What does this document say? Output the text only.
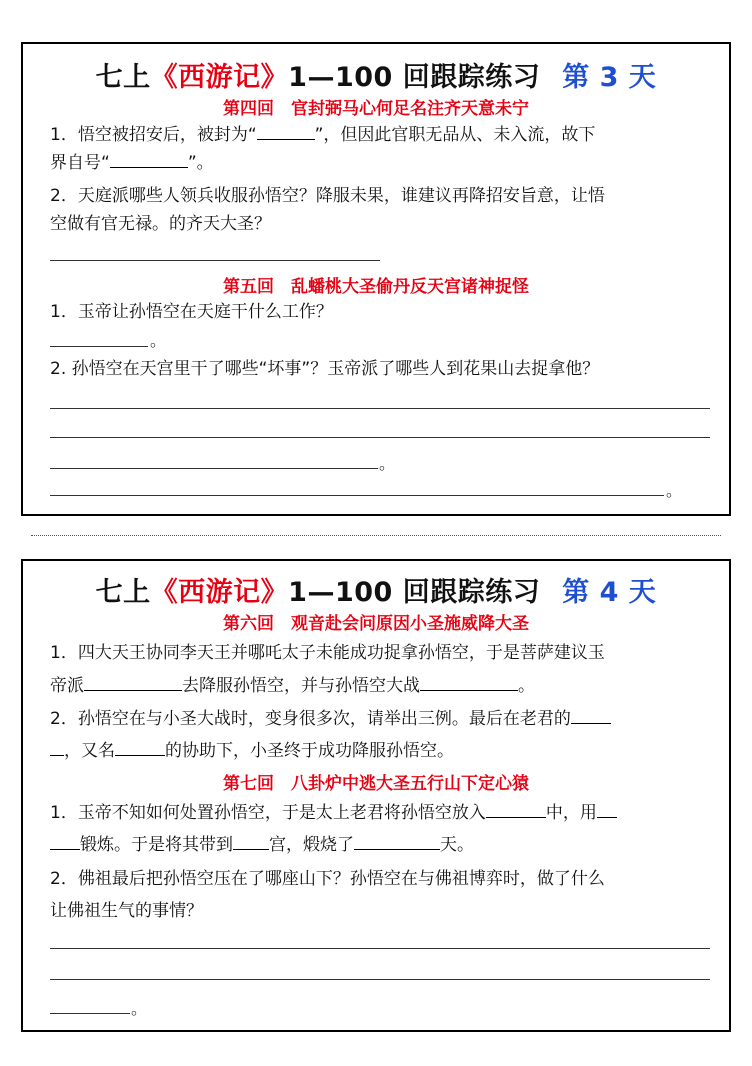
七上《西游记》1—100 回跟踪练习 第 3 天
第四回　官封弼马心何足名注齐天意未宁
1．悟空被招安后，被封为“	”，但因此官职无品从、未入流，故下
界自号“	”。
2．天庭派哪些人领兵收服孙悟空？降服未果，谁建议再降招安旨意，让悟
空做有官无禄。的齐天大圣？
第五回　乱蟠桃大圣偷丹反天宫诸神捉怪
1．玉帝让孙悟空在天庭干什么工作？
。
2. 孙悟空在天宫里干了哪些“坏事”？玉帝派了哪些人到花果山去捉拿他？
。
。
七上《西游记》1—100 回跟踪练习 第 4 天
第六回　观音赴会问原因小圣施威降大圣
1．四大天王协同李天王并哪吒太子未能成功捉拿孙悟空，于是菩萨建议玉
帝派	去降服孙悟空，并与孙悟空大战	。
2．孙悟空在与小圣大战时，变身很多次，请举出三例。最后在老君的
，又名	的协助下，小圣终于成功降服孙悟空。
第七回　八卦炉中逃大圣五行山下定心猿
1．玉帝不知如何处置孙悟空，于是太上老君将孙悟空放入	中，用
锻炼。于是将其带到 宫，煅烧了	天。
2．佛祖最后把孙悟空压在了哪座山下？孙悟空在与佛祖博弈时，做了什么
让佛祖生气的事情？
。
